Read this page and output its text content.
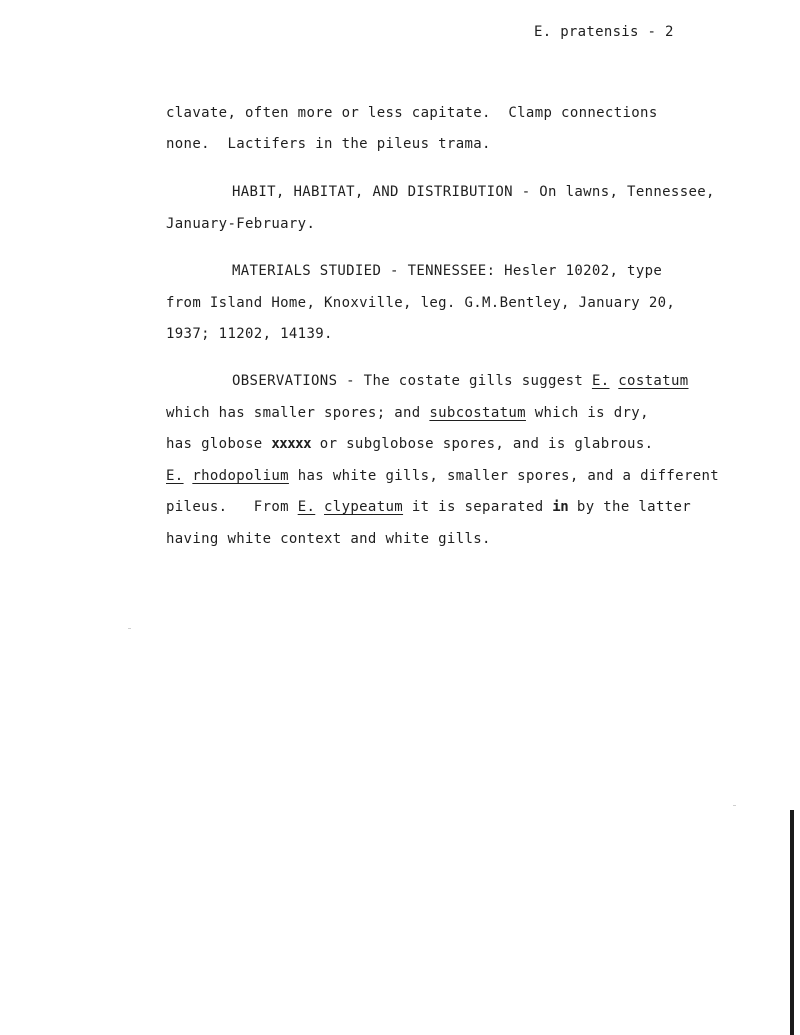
E. pratensis - 2
clavate, often more or less capitate.  Clamp connections
none.  Lactifers in the pileus trama.
HABIT, HABITAT, AND DISTRIBUTION - On lawns, Tennessee,
January-February.
MATERIALS STUDIED - TENNESSEE: Hesler 10202, type
from Island Home, Knoxville, leg. G.M.Bentley, January 20,
1937; 11202, 14139.
OBSERVATIONS - The costate gills suggest E. costatum
which has smaller spores; and subcostatum which is dry,
has globose xxxxx or subglobose spores, and is glabrous.
E. rhodopolium has white gills, smaller spores, and a different
pileus.   From E. clypeatum it is separated in by the latter
having white context and white gills.
